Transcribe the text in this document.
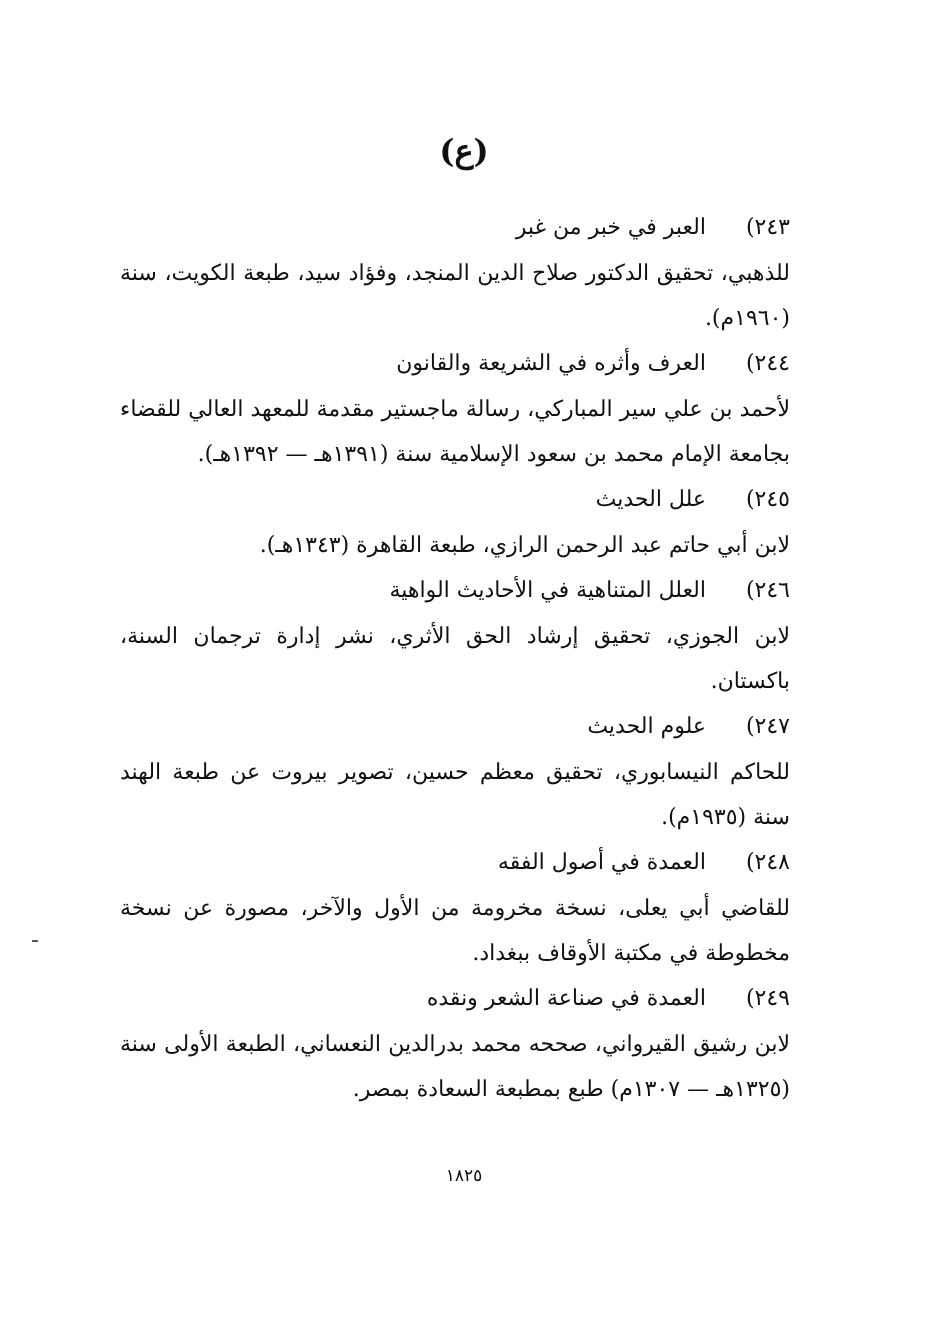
(ع)
٢٤٣)
العبر في خبر من غبر

للذهبي، تحقيق الدكتور صلاح الدين المنجد، وفؤاد سيد، طبعة الكويت، سنة (١٩٦٠م).

٢٤٤)
العرف وأثره في الشريعة والقانون

لأحمد بن علي سير المباركي، رسالة ماجستير مقدمة للمعهد العالي للقضاء بجامعة الإمام محمد بن سعود الإسلامية سنة (١٣٩١هـ — ١٣٩٢هـ).

٢٤٥)
علل الحديث

لابن أبي حاتم عبد الرحمن الرازي، طبعة القاهرة (١٣٤٣هـ).

٢٤٦)
العلل المتناهية في الأحاديث الواهية

لابن الجوزي، تحقيق إرشاد الحق الأثري، نشر إدارة ترجمان السنة، باكستان.

٢٤٧)
علوم الحديث

للحاكم النيسابوري، تحقيق معظم حسين، تصوير بيروت عن طبعة الهند سنة (١٩٣٥م).

٢٤٨)
العمدة في أصول الفقه

للقاضي أبي يعلى، نسخة مخرومة من الأول والآخر، مصورة عن نسخة مخطوطة في مكتبة الأوقاف ببغداد.

٢٤٩)
العمدة في صناعة الشعر ونقده

لابن رشيق القيرواني، صححه محمد بدرالدين النعساني، الطبعة الأولى سنة (١٣٢٥هـ — ١٣٠٧م) طبع بمطبعة السعادة بمصر.

١٨٢٥
